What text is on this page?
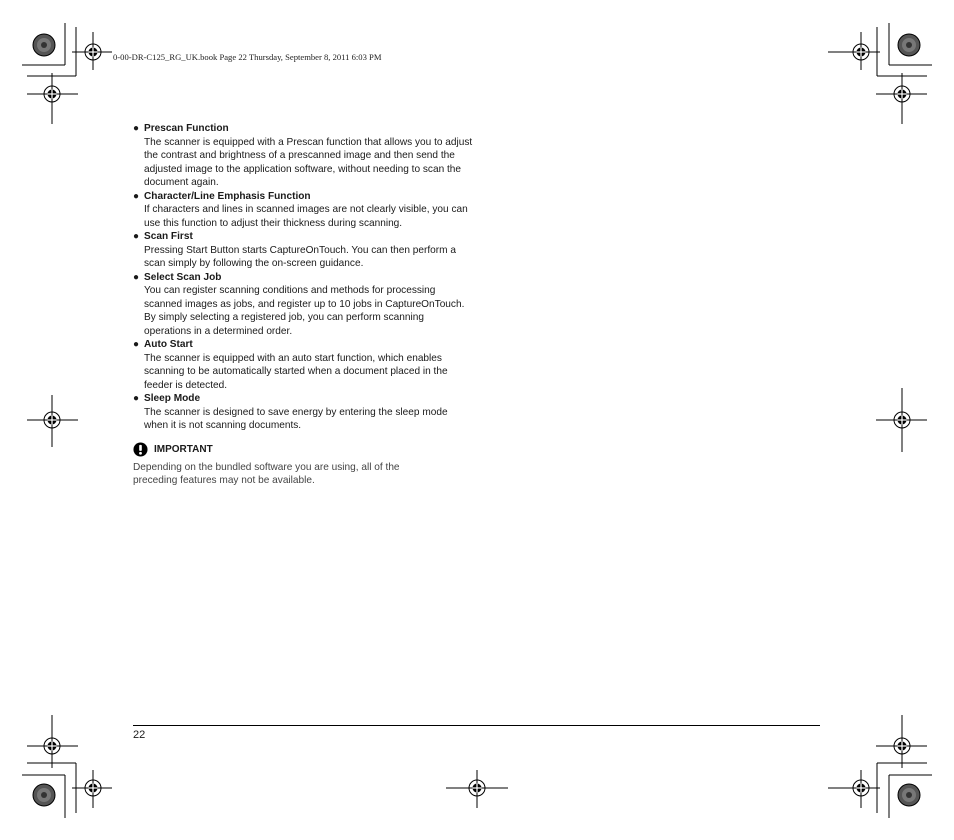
0-00-DR-C125_RG_UK.book Page 22 Thursday, September 8, 2011 6:03 PM
● Prescan Function
The scanner is equipped with a Prescan function that allows you to adjust the contrast and brightness of a prescanned image and then send the adjusted image to the application software, without needing to scan the document again.
● Character/Line Emphasis Function
If characters and lines in scanned images are not clearly visible, you can use this function to adjust their thickness during scanning.
● Scan First
Pressing Start Button starts CaptureOnTouch. You can then perform a scan simply by following the on-screen guidance.
● Select Scan Job
You can register scanning conditions and methods for processing scanned images as jobs, and register up to 10 jobs in CaptureOnTouch. By simply selecting a registered job, you can perform scanning operations in a determined order.
● Auto Start
The scanner is equipped with an auto start function, which enables scanning to be automatically started when a document placed in the feeder is detected.
● Sleep Mode
The scanner is designed to save energy by entering the sleep mode when it is not scanning documents.
IMPORTANT
Depending on the bundled software you are using, all of the preceding features may not be available.
22
